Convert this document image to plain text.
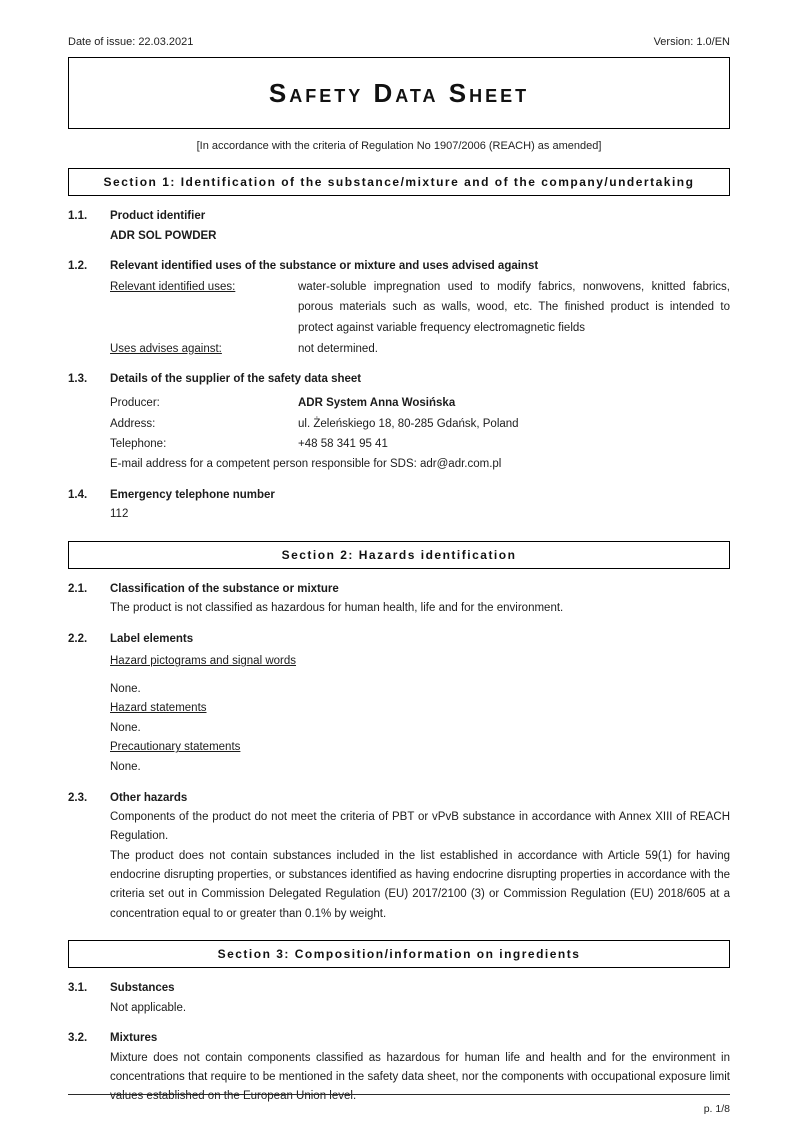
Date of issue: 22.03.2021	Version: 1.0/EN
Safety Data Sheet
[In accordance with the criteria of Regulation No 1907/2006 (REACH) as amended]
Section 1: Identification of the substance/mixture and of the company/undertaking
1.1.	Product identifier
ADR SOL POWDER
1.2.	Relevant identified uses of the substance or mixture and uses advised against
Relevant identified uses:	water-soluble impregnation used to modify fabrics, nonwovens, knitted fabrics, porous materials such as walls, wood, etc. The finished product is intended to protect against variable frequency electromagnetic fields
Uses advises against:	not determined.
1.3.	Details of the supplier of the safety data sheet
Producer:	ADR System Anna Wosińska
Address:	ul. Żeleńskiego 18, 80-285 Gdańsk, Poland
Telephone:	+48 58 341 95 41
E-mail address for a competent person responsible for SDS: adr@adr.com.pl
1.4.	Emergency telephone number
112
Section 2: Hazards identification
2.1.	Classification of the substance or mixture
The product is not classified as hazardous for human health, life and for the environment.
2.2.	Label elements
Hazard pictograms and signal words
None.
Hazard statements
None.
Precautionary statements
None.
2.3.	Other hazards
Components of the product do not meet the criteria of PBT or vPvB substance in accordance with Annex XIII of REACH Regulation.
The product does not contain substances included in the list established in accordance with Article 59(1) for having endocrine disrupting properties, or substances identified as having endocrine disrupting properties in accordance with the criteria set out in Commission Delegated Regulation (EU) 2017/2100 (3) or Commission Regulation (EU) 2018/605 at a concentration equal to or greater than 0.1% by weight.
Section 3: Composition/information on ingredients
3.1.	Substances
Not applicable.
3.2.	Mixtures
Mixture does not contain components classified as hazardous for human life and health and for the environment in concentrations that require to be mentioned in the safety data sheet, nor the components with occupational exposure limit values established on the European Union level.
p. 1/8
